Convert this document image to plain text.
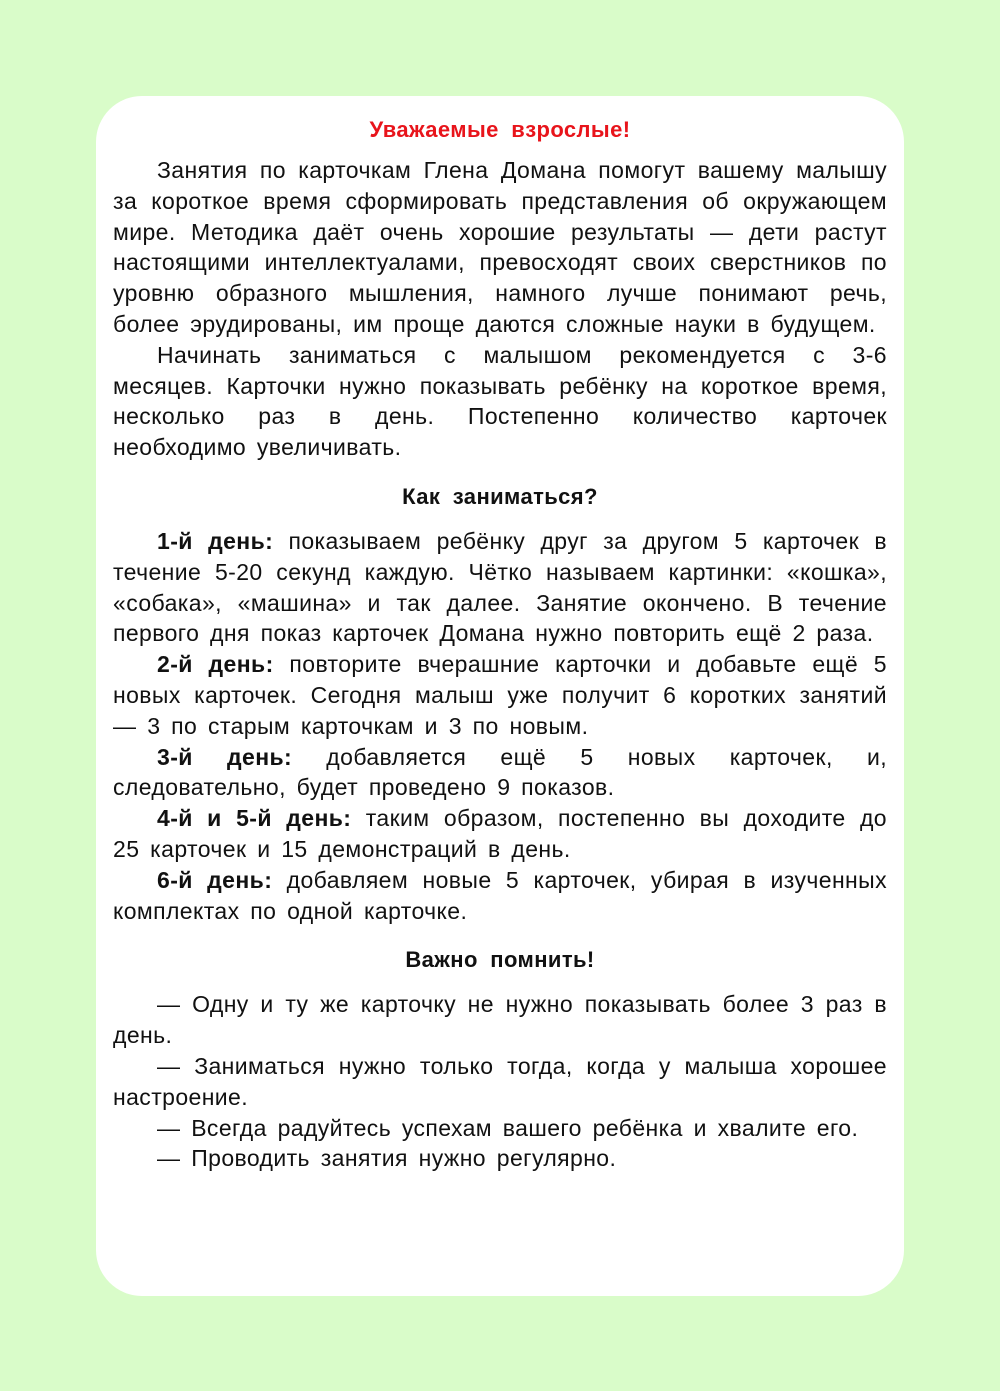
Уважаемые взрослые!

Занятия по карточкам Глена Домана помогут вашему малышу за короткое время сформировать представления об окружающем мире. Методика даёт очень хорошие результаты — дети растут настоящими интеллектуалами, превосходят своих сверстников по уровню образного мышления, намного лучше понимают речь, более эрудированы, им проще даются сложные науки в будущем.

Начинать заниматься с малышом рекомендуется с 3-6 месяцев. Карточки нужно показывать ребёнку на короткое время, несколько раз в день. Постепенно количество карточек необходимо увеличивать.

Как заниматься?

1-й день: показываем ребёнку друг за другом 5 карточек в течение 5-20 секунд каждую. Чётко называем картинки: «кошка», «собака», «машина» и так далее. Занятие окончено. В течение первого дня показ карточек Домана нужно повторить ещё 2 раза.

2-й день: повторите вчерашние карточки и добавьте ещё 5 новых карточек. Сегодня малыш уже получит 6 коротких занятий — 3 по старым карточкам и 3 по новым.

3-й день: добавляется ещё 5 новых карточек, и, следовательно, будет проведено 9 показов.

4-й и 5-й день: таким образом, постепенно вы доходите до 25 карточек и 15 демонстраций в день.

6-й день: добавляем новые 5 карточек, убирая в изученных комплектах по одной карточке.

Важно помнить!

— Одну и ту же карточку не нужно показывать более 3 раз в день.

— Заниматься нужно только тогда, когда у малыша хорошее настроение.

— Всегда радуйтесь успехам вашего ребёнка и хвалите его.

— Проводить занятия нужно регулярно.
